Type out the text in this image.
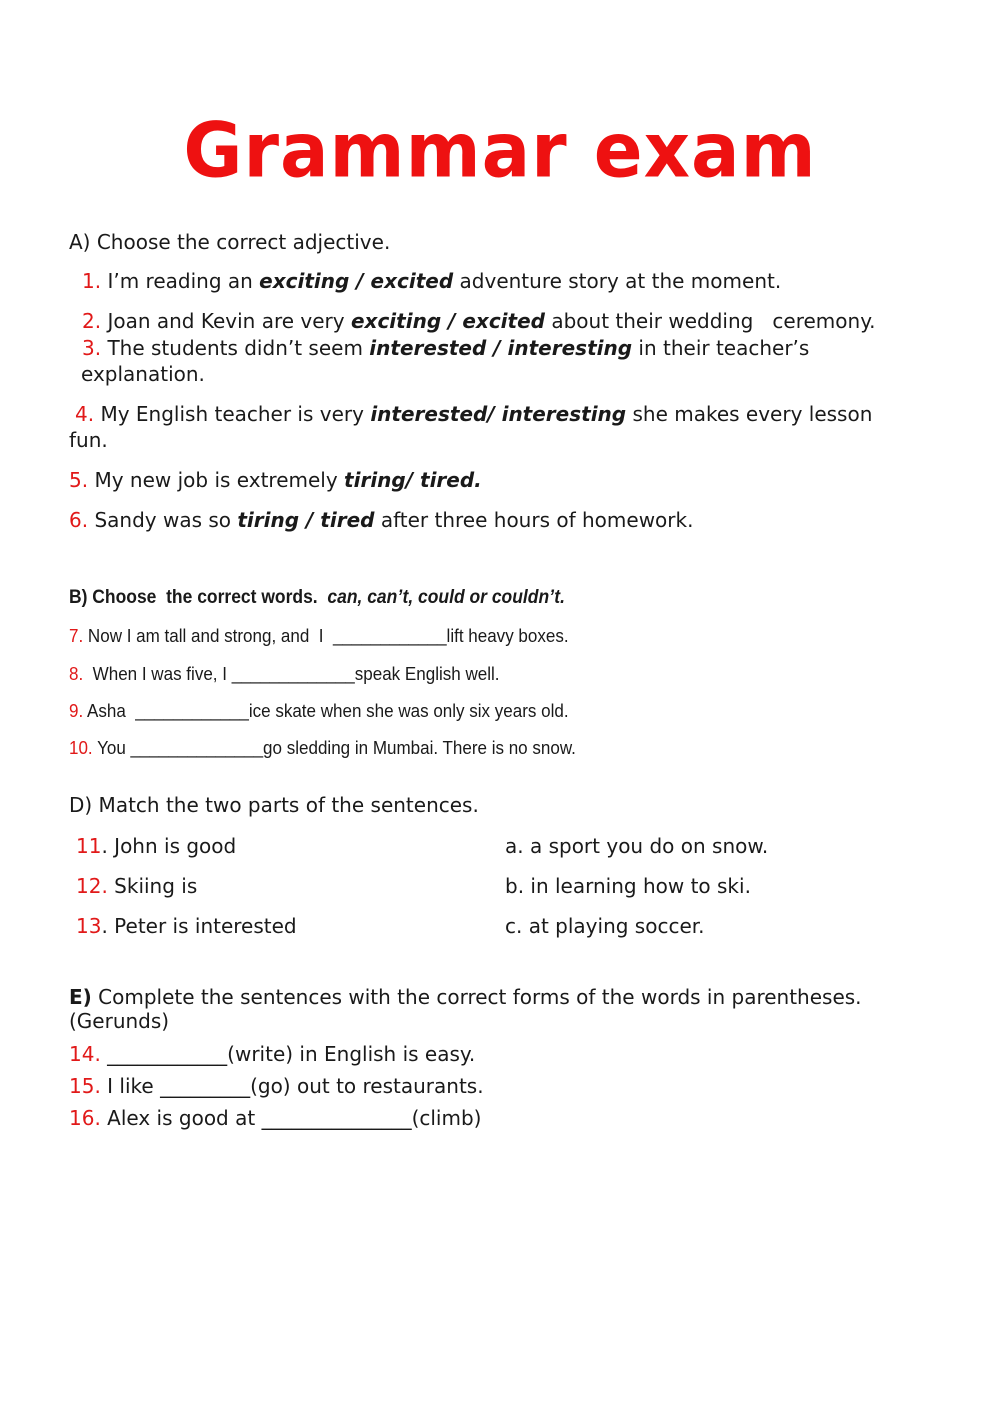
Grammar exam
A) Choose the correct adjective.
1. I’m reading an exciting / excited adventure story at the moment.
2. Joan and Kevin are very exciting / excited about their wedding   ceremony.
3. The students didn’t seem interested / interesting in their teacher’s
explanation.
4. My English teacher is very interested/ interesting she makes every lesson
fun.
5. My new job is extremely tiring/ tired.
6. Sandy was so tiring / tired after three hours of homework.
B) Choose  the correct words. can, can’t, could or couldn’t.
7. Now I am tall and strong, and  I  ____________lift heavy boxes.
8.  When I was five, I _____________speak English well.
9. Asha  ____________ice skate when she was only six years old.
10. You ______________go sledding in Mumbai. There is no snow.
D) Match the two parts of the sentences.
11. John is good	a. a sport you do on snow.
12. Skiing is	b. in learning how to ski.
13. Peter is interested	c. at playing soccer.
E) Complete the sentences with the correct forms of the words in parentheses.
(Gerunds)
14. ____________(write) in English is easy.
15. I like _________(go) out to restaurants.
16. Alex is good at _______________(climb)
